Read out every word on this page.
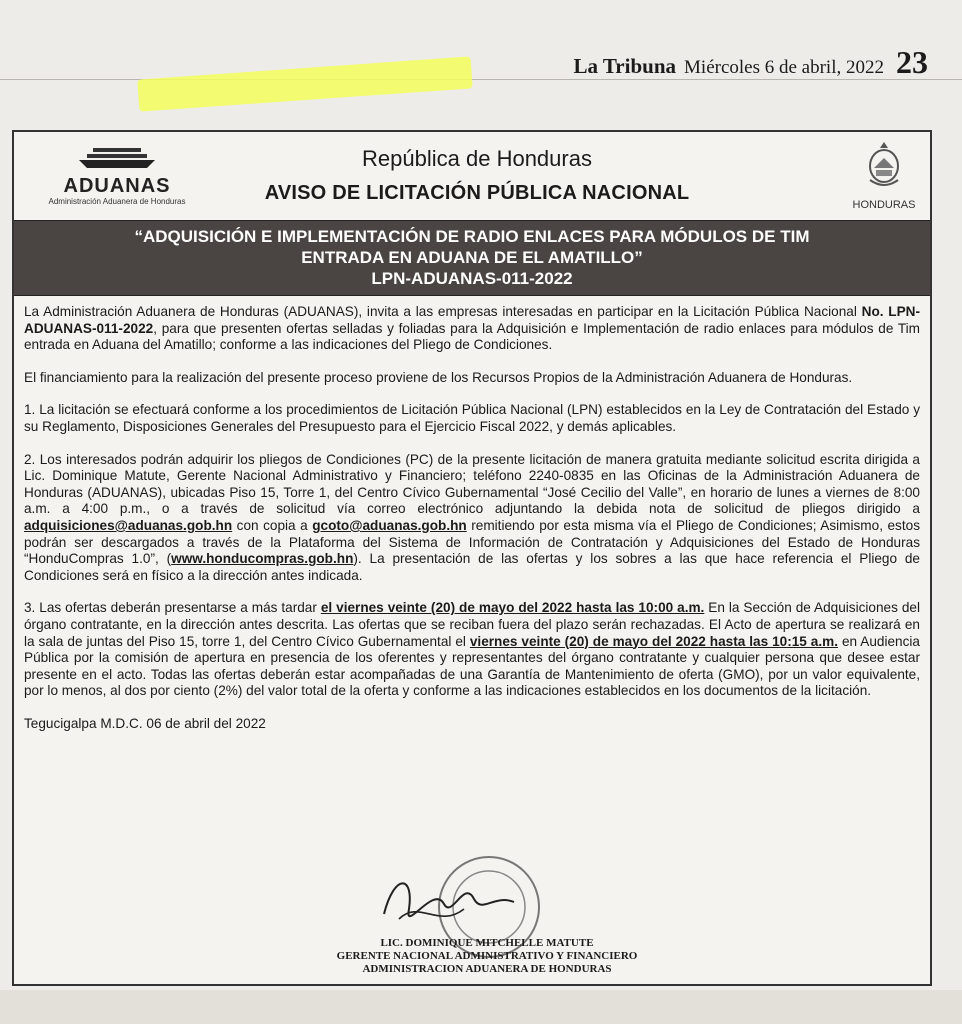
La Tribuna Miércoles 6 de abril, 2022 23
ADUANAS
Administración Aduanera de Honduras
República de Honduras
AVISO DE LICITACIÓN PÚBLICA NACIONAL
HONDURAS
“ADQUISICIÓN E IMPLEMENTACIÓN DE RADIO ENLACES PARA MÓDULOS DE TIM
ENTRADA EN ADUANA DE EL AMATILLO”
LPN-ADUANAS-011-2022

La Administración Aduanera de Honduras (ADUANAS), invita a las empresas interesadas en participar en la Licitación Pública Nacional No. LPN-ADUANAS-011-2022, para que presenten ofertas selladas y foliadas para la Adquisición e Implementación de radio enlaces para módulos de Tim entrada en Aduana del Amatillo; conforme a las indicaciones del Pliego de Condiciones.

El financiamiento para la realización del presente proceso proviene de los Recursos Propios de la Administración Aduanera de Honduras.

1. La licitación se efectuará conforme a los procedimientos de Licitación Pública Nacional (LPN) establecidos en la Ley de Contratación del Estado y su Reglamento, Disposiciones Generales del Presupuesto para el Ejercicio Fiscal 2022, y demás aplicables.
2. Los interesados podrán adquirir los pliegos de Condiciones (PC) de la presente licitación de manera gratuita mediante solicitud escrita dirigida a Lic. Dominique Matute, Gerente Nacional Administrativo y Financiero; teléfono 2240-0835 en las Oficinas de la Administración Aduanera de Honduras (ADUANAS), ubicadas Piso 15, Torre 1, del Centro Cívico Gubernamental “José Cecilio del Valle”, en horario de lunes a viernes de 8:00 a.m. a 4:00 p.m., o a través de solicitud vía correo electrónico adjuntando la debida nota de solicitud de pliegos dirigido a adquisiciones@aduanas.gob.hn con copia a gcoto@aduanas.gob.hn remitiendo por esta misma vía el Pliego de Condiciones; Asimismo, estos podrán ser descargados a través de la Plataforma del Sistema de Información de Contratación y Adquisiciones del Estado de Honduras “HonduCompras 1.0”, (www.honducompras.gob.hn). La presentación de las ofertas y los sobres a las que hace referencia el Pliego de Condiciones será en físico a la dirección antes indicada.
3. Las ofertas deberán presentarse a más tardar el viernes veinte (20) de mayo del 2022 hasta las 10:00 a.m. En la Sección de Adquisiciones del órgano contratante, en la dirección antes descrita. Las ofertas que se reciban fuera del plazo serán rechazadas. El Acto de apertura se realizará en la sala de juntas del Piso 15, torre 1, del Centro Cívico Gubernamental el viernes veinte (20) de mayo del 2022 hasta las 10:15 a.m. en Audiencia Pública por la comisión de apertura en presencia de los oferentes y representantes del órgano contratante y cualquier persona que desee estar presente en el acto. Todas las ofertas deberán estar acompañadas de una Garantía de Mantenimiento de oferta (GMO), por un valor equivalente, por lo menos, al dos por ciento (2%) del valor total de la oferta y conforme a las indicaciones establecidos en los documentos de la licitación.
Tegucigalpa M.D.C. 06 de abril del 2022
LIC. DOMINIQUE MITCHELLE MATUTE
GERENTE NACIONAL ADMINISTRATIVO Y FINANCIERO
ADMINISTRACION ADUANERA DE HONDURAS
